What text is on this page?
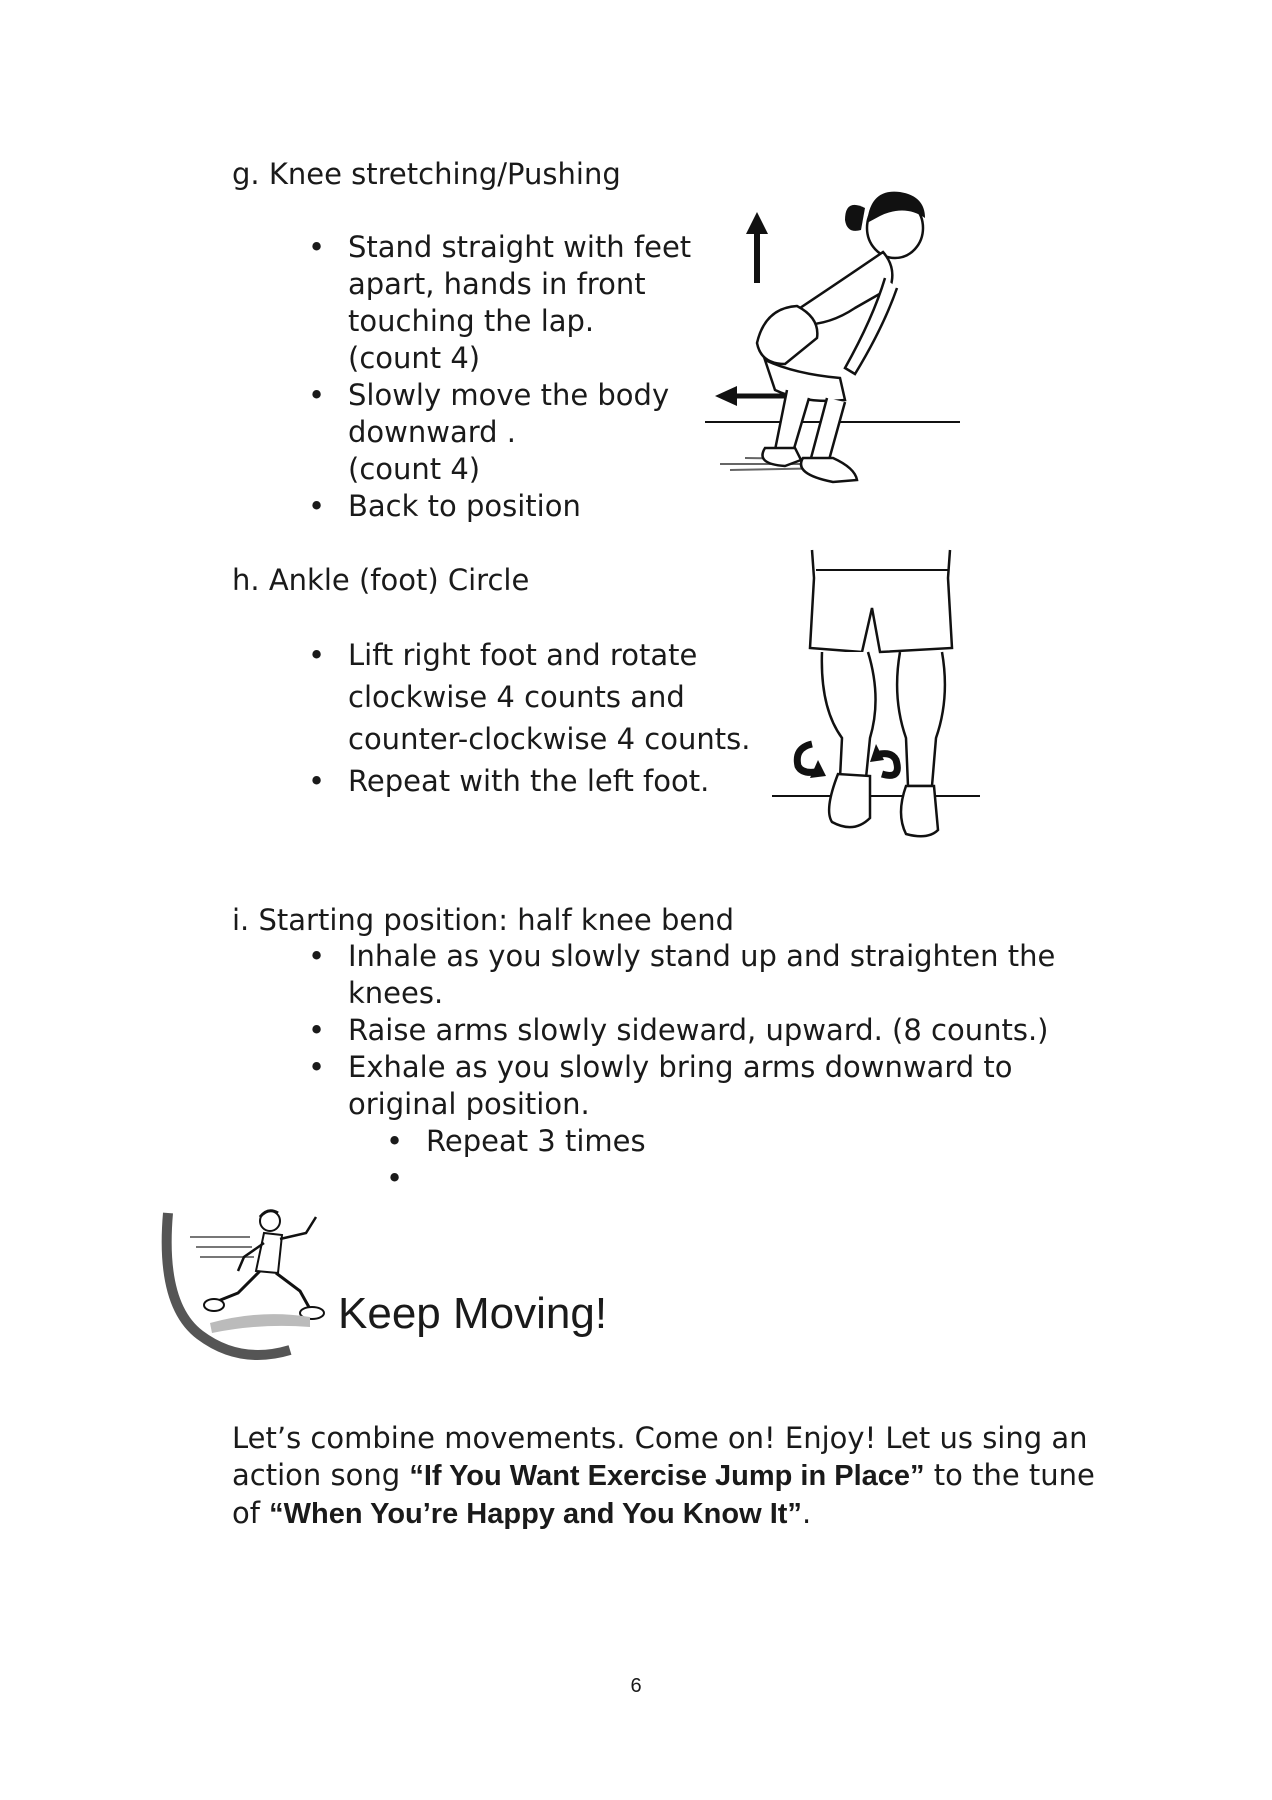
g. Knee stretching/Pushing
• Stand straight with feet
apart, hands in front
touching the lap.
(count 4)
• Slowly move the body
downward .
(count 4)
• Back to position
h. Ankle (foot) Circle
• Lift right foot and rotate
clockwise 4 counts and
counter-clockwise 4 counts.
• Repeat with the left foot.
i. Starting position: half knee bend
• Inhale as you slowly stand up and straighten the
knees.
• Raise arms slowly sideward, upward. (8 counts.)
• Exhale as you slowly bring arms downward to
original position.
• Repeat 3 times
•

Keep Moving!
Let’s combine movements. Come on! Enjoy! Let us sing an action song “If You Want Exercise Jump in Place” to the tune of “When You’re Happy and You Know It”.
6
